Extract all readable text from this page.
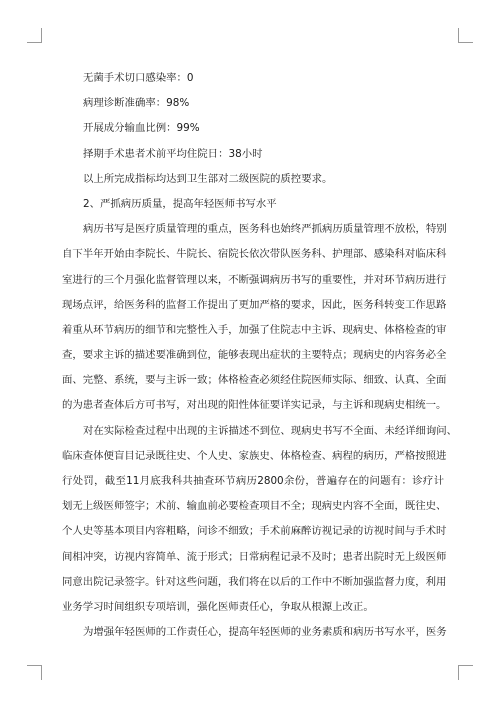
无菌手术切口感染率：0
病理诊断准确率：98%
开展成分输血比例：99%
择期手术患者术前平均住院日：38小时
以上所完成指标均达到卫生部对二级医院的质控要求。
2、严抓病历质量，提高年轻医师书写水平
病历书写是医疗质量管理的重点，医务科也始终严抓病历质量管理不放松，特别
自下半年开始由李院长、牛院长、宿院长依次带队医务科、护理部、感染科对临床科
室进行的三个月强化监督管理以来，不断强调病历书写的重要性，并对环节病历进行
现场点评，给医务科的监督工作提出了更加严格的要求，因此，医务科转变工作思路
着重从环节病历的细节和完整性入手，加强了住院志中主诉、现病史、体格检查的审
查，要求主诉的描述要准确到位，能够表现出症状的主要特点；现病史的内容务必全
面、完整、系统，要与主诉一致；体格检查必须经住院医师实际、细致、认真、全面
的为患者查体后方可书写，对出现的阳性体征要详实记录，与主诉和现病史相统一。
对在实际检查过程中出现的主诉描述不到位、现病史书写不全面、未经详细询问、
临床查体便盲目记录既往史、个人史、家族史、体格检查、病程的病历，严格按照进
行处罚，截至11月底我科共抽查环节病历2800余份，普遍存在的问题有：诊疗计
划无上级医师签字；术前、输血前必要检查项目不全；现病史内容不全面，既往史、
个人史等基本项目内容粗略，问诊不细致；手术前麻醉访视记录的访视时间与手术时
间相冲突，访视内容简单、流于形式；日常病程记录不及时；患者出院时无上级医师
同意出院记录签字。针对这些问题，我们将在以后的工作中不断加强监督力度，利用
业务学习时间组织专项培训，强化医师责任心，争取从根源上改正。
为增强年轻医师的工作责任心，提高年轻医师的业务素质和病历书写水平，医务
